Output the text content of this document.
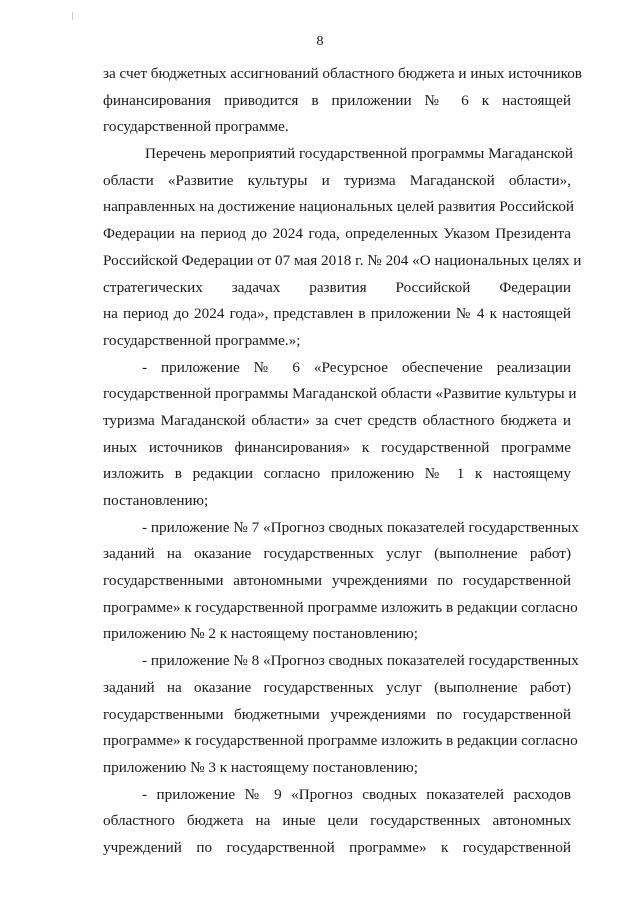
8
за счет бюджетных ассигнований областного бюджета и иных источников
финансирования приводится в приложении № 6 к настоящей
государственной программе.
Перечень мероприятий государственной программы Магаданской
области «Развитие культуры и туризма Магаданской области»,
направленных на достижение национальных целей развития Российской
Федерации на период до 2024 года, определенных Указом Президента
Российской Федерации от 07 мая 2018 г. № 204 «О национальных целях и
стратегических задачах развития Российской Федерации
на период до 2024 года», представлен в приложении № 4 к настоящей
государственной программе.»;
- приложение № 6 «Ресурсное обеспечение реализации
государственной программы Магаданской области «Развитие культуры и
туризма Магаданской области» за счет средств областного бюджета и
иных источников финансирования» к государственной программе
изложить в редакции согласно приложению № 1 к настоящему
постановлению;
- приложение № 7 «Прогноз сводных показателей государственных
заданий на оказание государственных услуг (выполнение работ)
государственными автономными учреждениями по государственной
программе» к государственной программе изложить в редакции согласно
приложению № 2 к настоящему постановлению;
- приложение № 8 «Прогноз сводных показателей государственных
заданий на оказание государственных услуг (выполнение работ)
государственными бюджетными учреждениями по государственной
программе» к государственной программе изложить в редакции согласно
приложению № 3 к настоящему постановлению;
- приложение № 9 «Прогноз сводных показателей расходов
областного бюджета на иные цели государственных автономных
учреждений по государственной программе» к государственной
